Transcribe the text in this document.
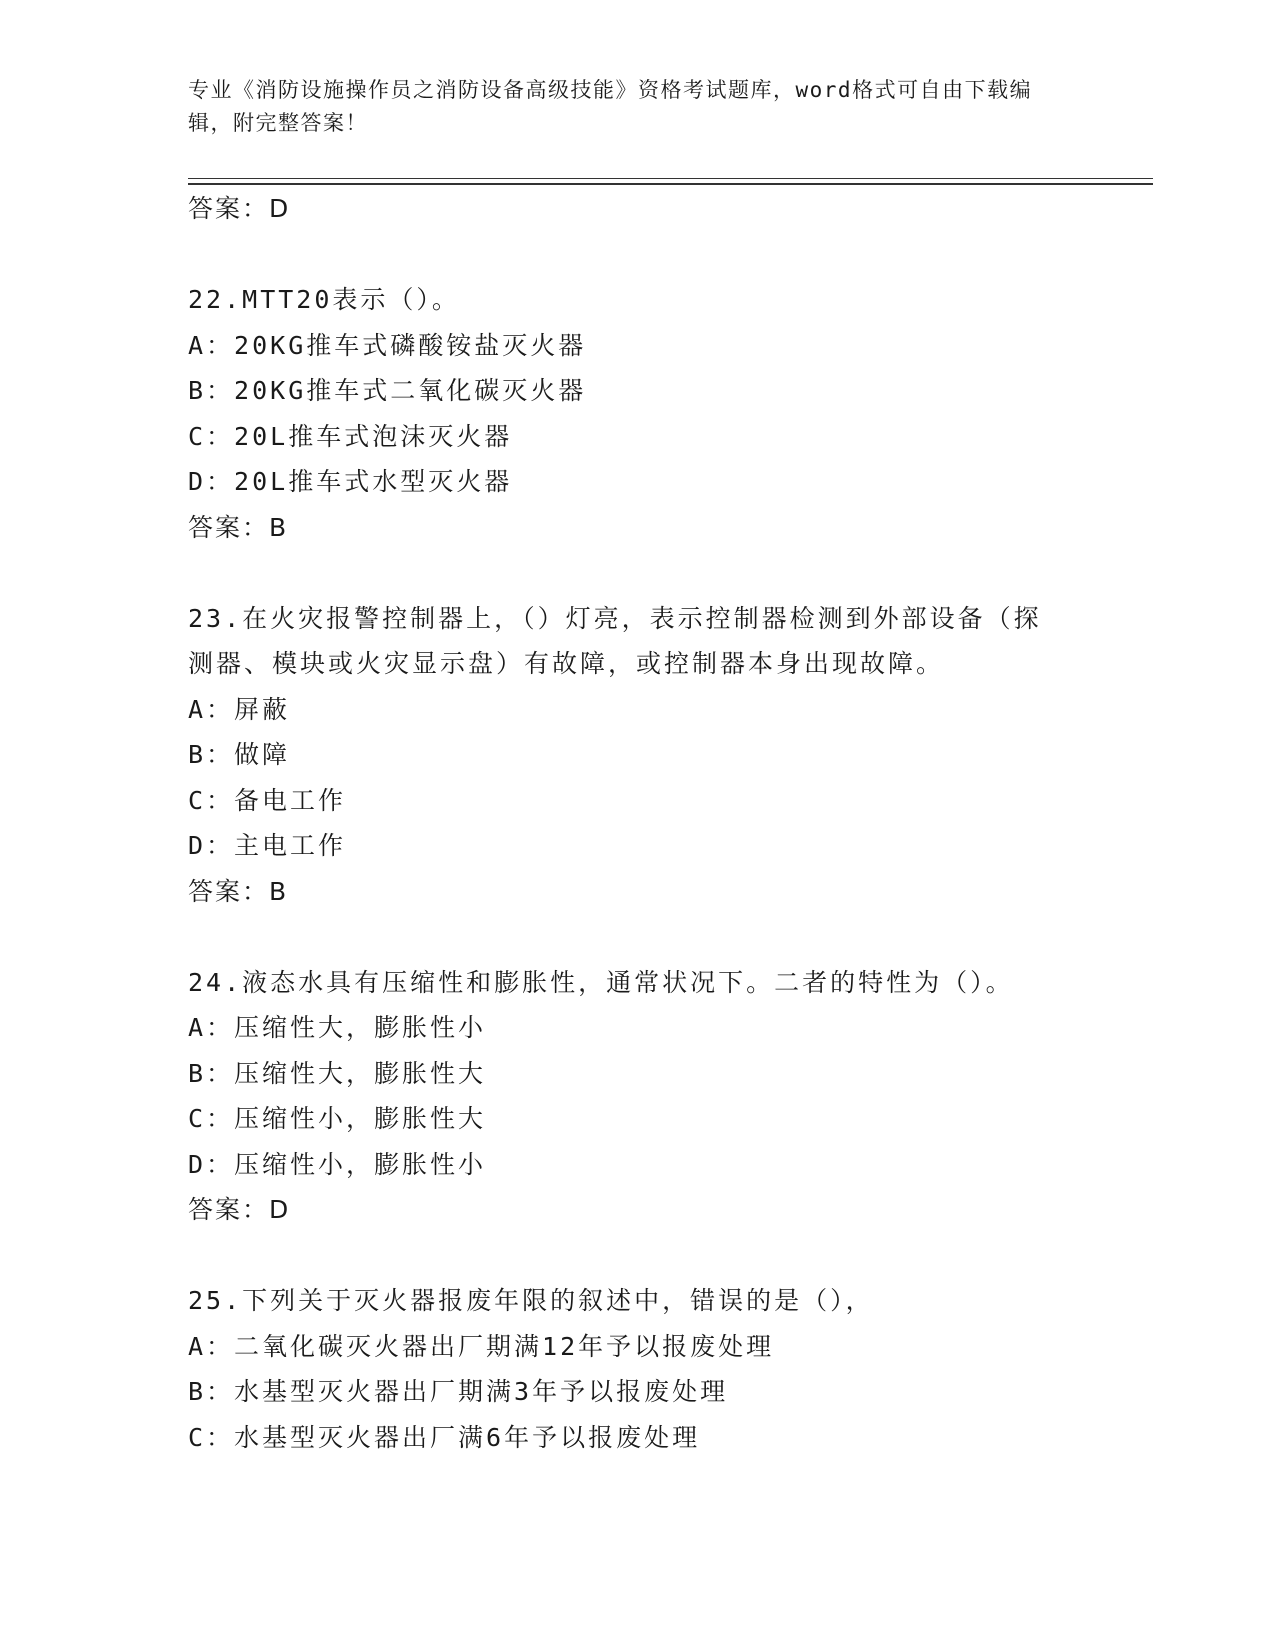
专业《消防设施操作员之消防设备高级技能》资格考试题库，word格式可自由下载编辑，附完整答案！
答案：D
22.MTT20表示（）。
A：20KG推车式磷酸铵盐灭火器
B：20KG推车式二氧化碳灭火器
C：20L推车式泡沫灭火器
D：20L推车式水型灭火器
答案：B
23.在火灾报警控制器上，（）灯亮，表示控制器检测到外部设备（探
测器、模块或火灾显示盘）有故障，或控制器本身出现故障。
A：屏蔽
B：做障
C：备电工作
D：主电工作
答案：B
24.液态水具有压缩性和膨胀性，通常状况下。二者的特性为（）。
A：压缩性大，膨胀性小
B：压缩性大，膨胀性大
C：压缩性小，膨胀性大
D：压缩性小，膨胀性小
答案：D
25.下列关于灭火器报废年限的叙述中，错误的是（），
A：二氧化碳灭火器出厂期满12年予以报废处理
B：水基型灭火器出厂期满3年予以报废处理
C：水基型灭火器出厂满6年予以报废处理
